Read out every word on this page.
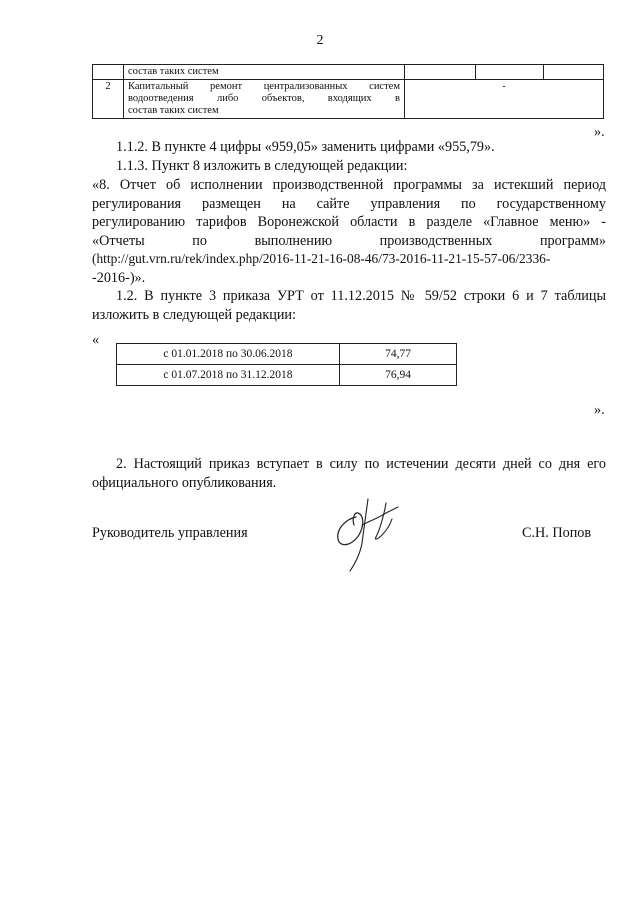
2
	состав таких систем			
2	Капитальный ремонт централизованных систем
водоотведения либо объектов, входящих в
состав таких систем	-		
».
1.1.2. В пункте 4 цифры «959,05» заменить цифрами «955,79».
1.1.3. Пункт 8 изложить в следующей редакции:
«8. Отчет об исполнении производственной программы за истекший период
регулирования размещен на сайте управления по государственному
регулированию тарифов Воронежской области в разделе «Главное меню» -
«Отчеты по выполнению производственных программ»
(http://gut.vrn.ru/rek/index.php/2016-11-21-16-08-46/73-2016-11-21-15-57-06/2336-
-2016-)».
1.2. В пункте 3 приказа УРТ от 11.12.2015 № 59/52 строки 6 и 7 таблицы
изложить в следующей редакции:
«
с 01.01.2018 по 30.06.2018	74,77
с 01.07.2018 по 31.12.2018	76,94
».
2. Настоящий приказ вступает в силу по истечении десяти дней со дня его
официального опубликования.
Руководитель управления	С.Н. Попов
